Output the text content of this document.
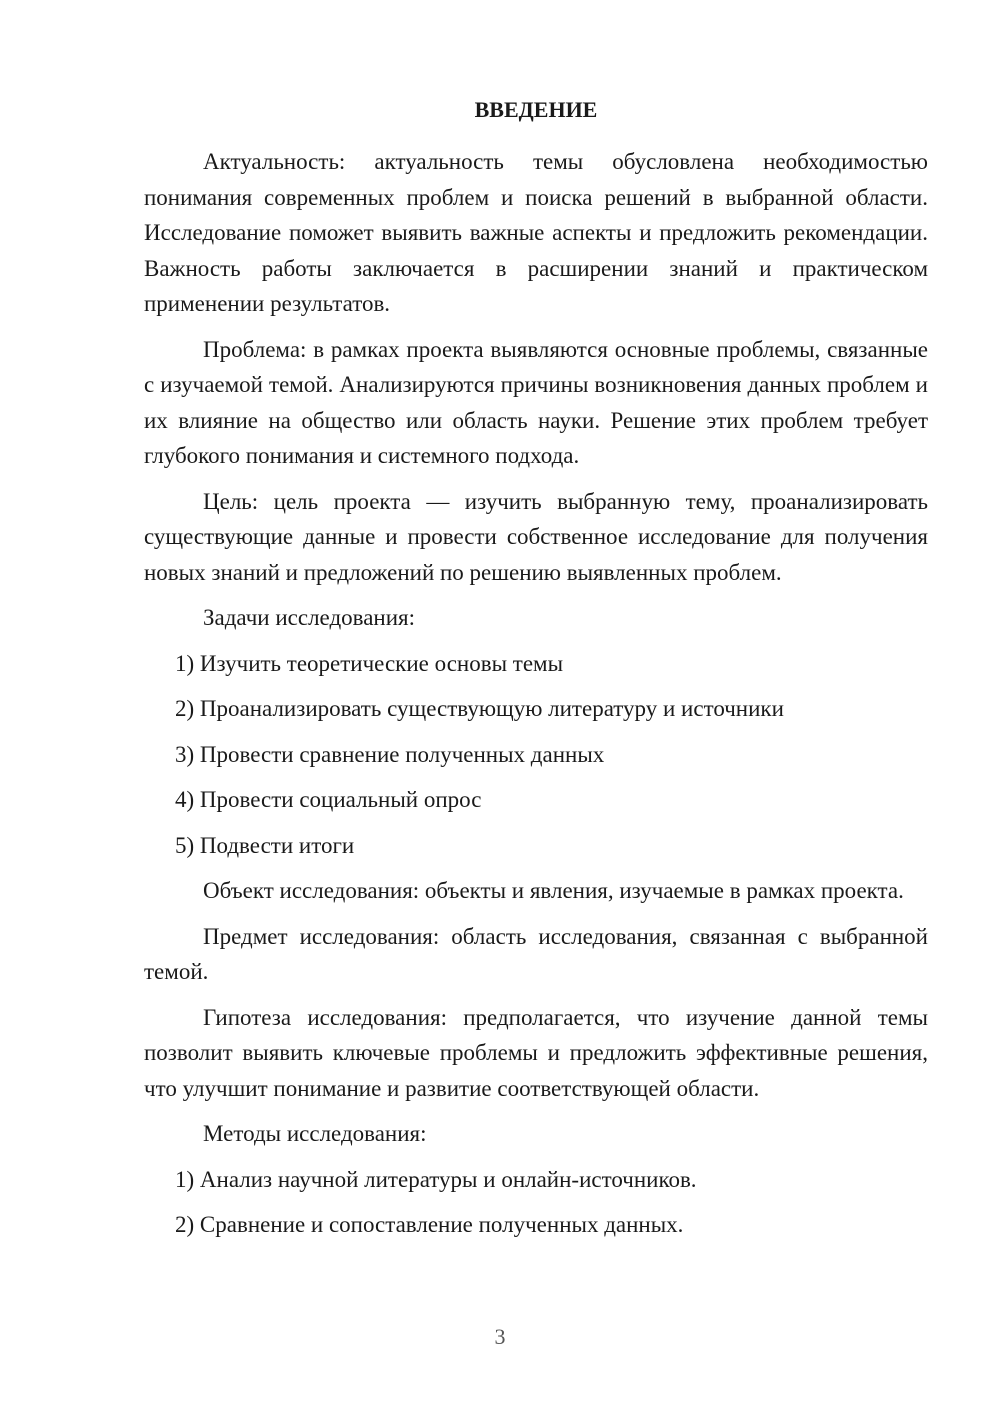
ВВЕДЕНИЕ

Актуальность: актуальность темы обусловлена необходимостью понимания современных проблем и поиска решений в выбранной области. Исследование поможет выявить важные аспекты и предложить рекомендации. Важность работы заключается в расширении знаний и практическом применении результатов.

Проблема: в рамках проекта выявляются основные проблемы, связанные с изучаемой темой. Анализируются причины возникновения данных проблем и их влияние на общество или область науки. Решение этих проблем требует глубокого понимания и системного подхода.

Цель: цель проекта — изучить выбранную тему, проанализировать существующие данные и провести собственное исследование для получения новых знаний и предложений по решению выявленных проблем.

Задачи исследования:

1) Изучить теоретические основы темы
2) Проанализировать существующую литературу и источники
3) Провести сравнение полученных данных
4) Провести социальный опрос
5) Подвести итоги

Объект исследования: объекты и явления, изучаемые в рамках проекта.

Предмет исследования: область исследования, связанная с выбранной темой.

Гипотеза исследования: предполагается, что изучение данной темы позволит выявить ключевые проблемы и предложить эффективные решения, что улучшит понимание и развитие соответствующей области.

Методы исследования:

1) Анализ научной литературы и онлайн-источников.
2) Сравнение и сопоставление полученных данных.
3
